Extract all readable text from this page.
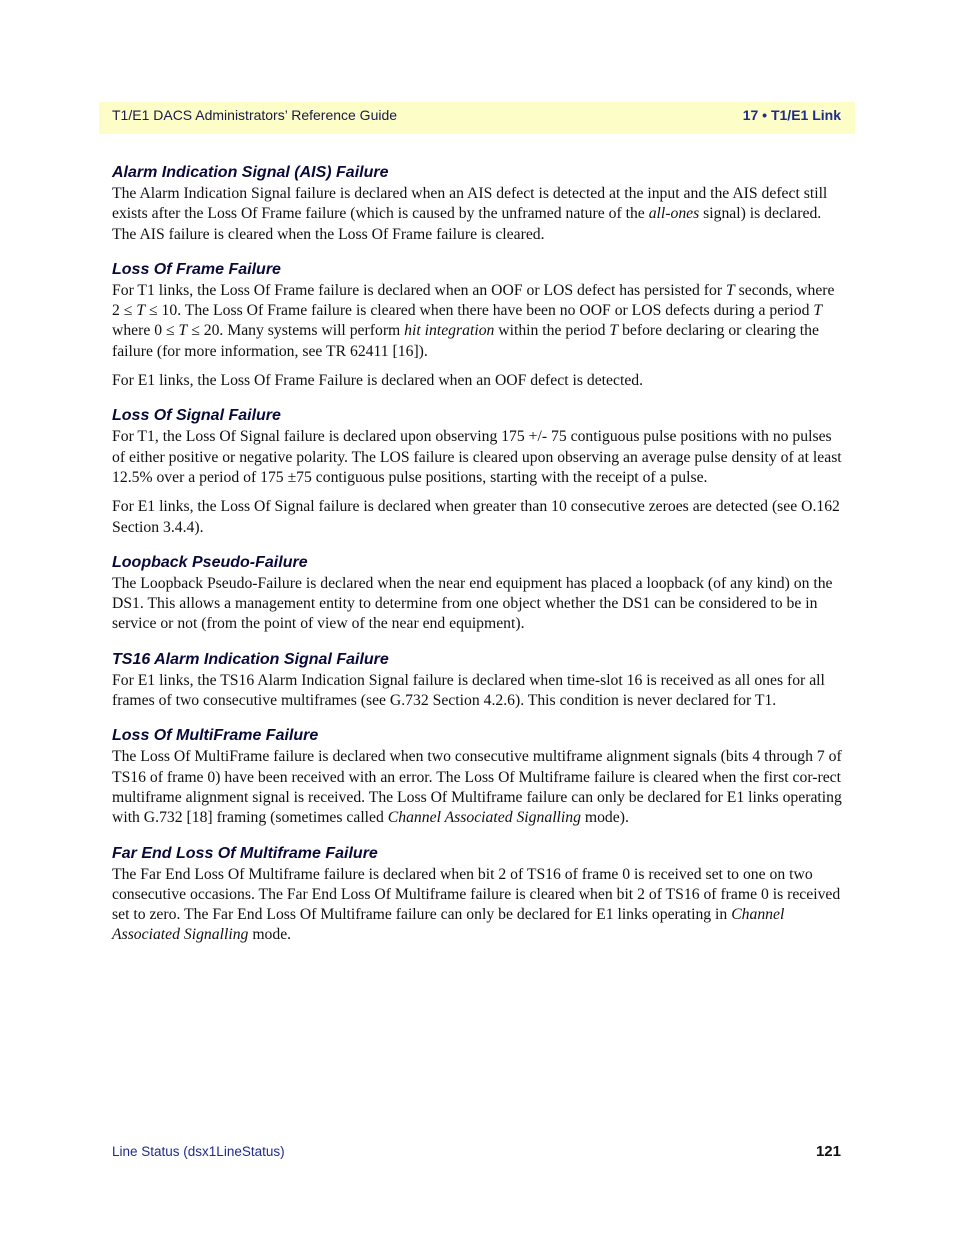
T1/E1 DACS Administrators’ Reference Guide	17 • T1/E1 Link
Alarm Indication Signal (AIS) Failure

The Alarm Indication Signal failure is declared when an AIS defect is detected at the input and the AIS defect still exists after the Loss Of Frame failure (which is caused by the unframed nature of the all-ones signal) is declared. The AIS failure is cleared when the Loss Of Frame failure is cleared.

Loss Of Frame Failure

For T1 links, the Loss Of Frame failure is declared when an OOF or LOS defect has persisted for T seconds, where 2 ≤ T ≤ 10. The Loss Of Frame failure is cleared when there have been no OOF or LOS defects during a period T where 0 ≤ T ≤ 20. Many systems will perform hit integration within the period T before declaring or clearing the failure (for more information, see TR 62411 [16]).

For E1 links, the Loss Of Frame Failure is declared when an OOF defect is detected.

Loss Of Signal Failure

For T1, the Loss Of Signal failure is declared upon observing 175 +/- 75 contiguous pulse positions with no pulses of either positive or negative polarity. The LOS failure is cleared upon observing an average pulse density of at least 12.5% over a period of 175 ±75 contiguous pulse positions, starting with the receipt of a pulse.

For E1 links, the Loss Of Signal failure is declared when greater than 10 consecutive zeroes are detected (see O.162 Section 3.4.4).

Loopback Pseudo-Failure

The Loopback Pseudo-Failure is declared when the near end equipment has placed a loopback (of any kind) on the DS1. This allows a management entity to determine from one object whether the DS1 can be considered to be in service or not (from the point of view of the near end equipment).

TS16 Alarm Indication Signal Failure

For E1 links, the TS16 Alarm Indication Signal failure is declared when time-slot 16 is received as all ones for all frames of two consecutive multiframes (see G.732 Section 4.2.6). This condition is never declared for T1.

Loss Of MultiFrame Failure

The Loss Of MultiFrame failure is declared when two consecutive multiframe alignment signals (bits 4 through 7 of TS16 of frame 0) have been received with an error. The Loss Of Multiframe failure is cleared when the first cor-rect multiframe alignment signal is received. The Loss Of Multiframe failure can only be declared for E1 links operating with G.732 [18] framing (sometimes called Channel Associated Signalling mode).

Far End Loss Of Multiframe Failure

The Far End Loss Of Multiframe failure is declared when bit 2 of TS16 of frame 0 is received set to one on two consecutive occasions. The Far End Loss Of Multiframe failure is cleared when bit 2 of TS16 of frame 0 is received set to zero. The Far End Loss Of Multiframe failure can only be declared for E1 links operating in Channel Associated Signalling mode.

Line Status (dsx1LineStatus)	121
